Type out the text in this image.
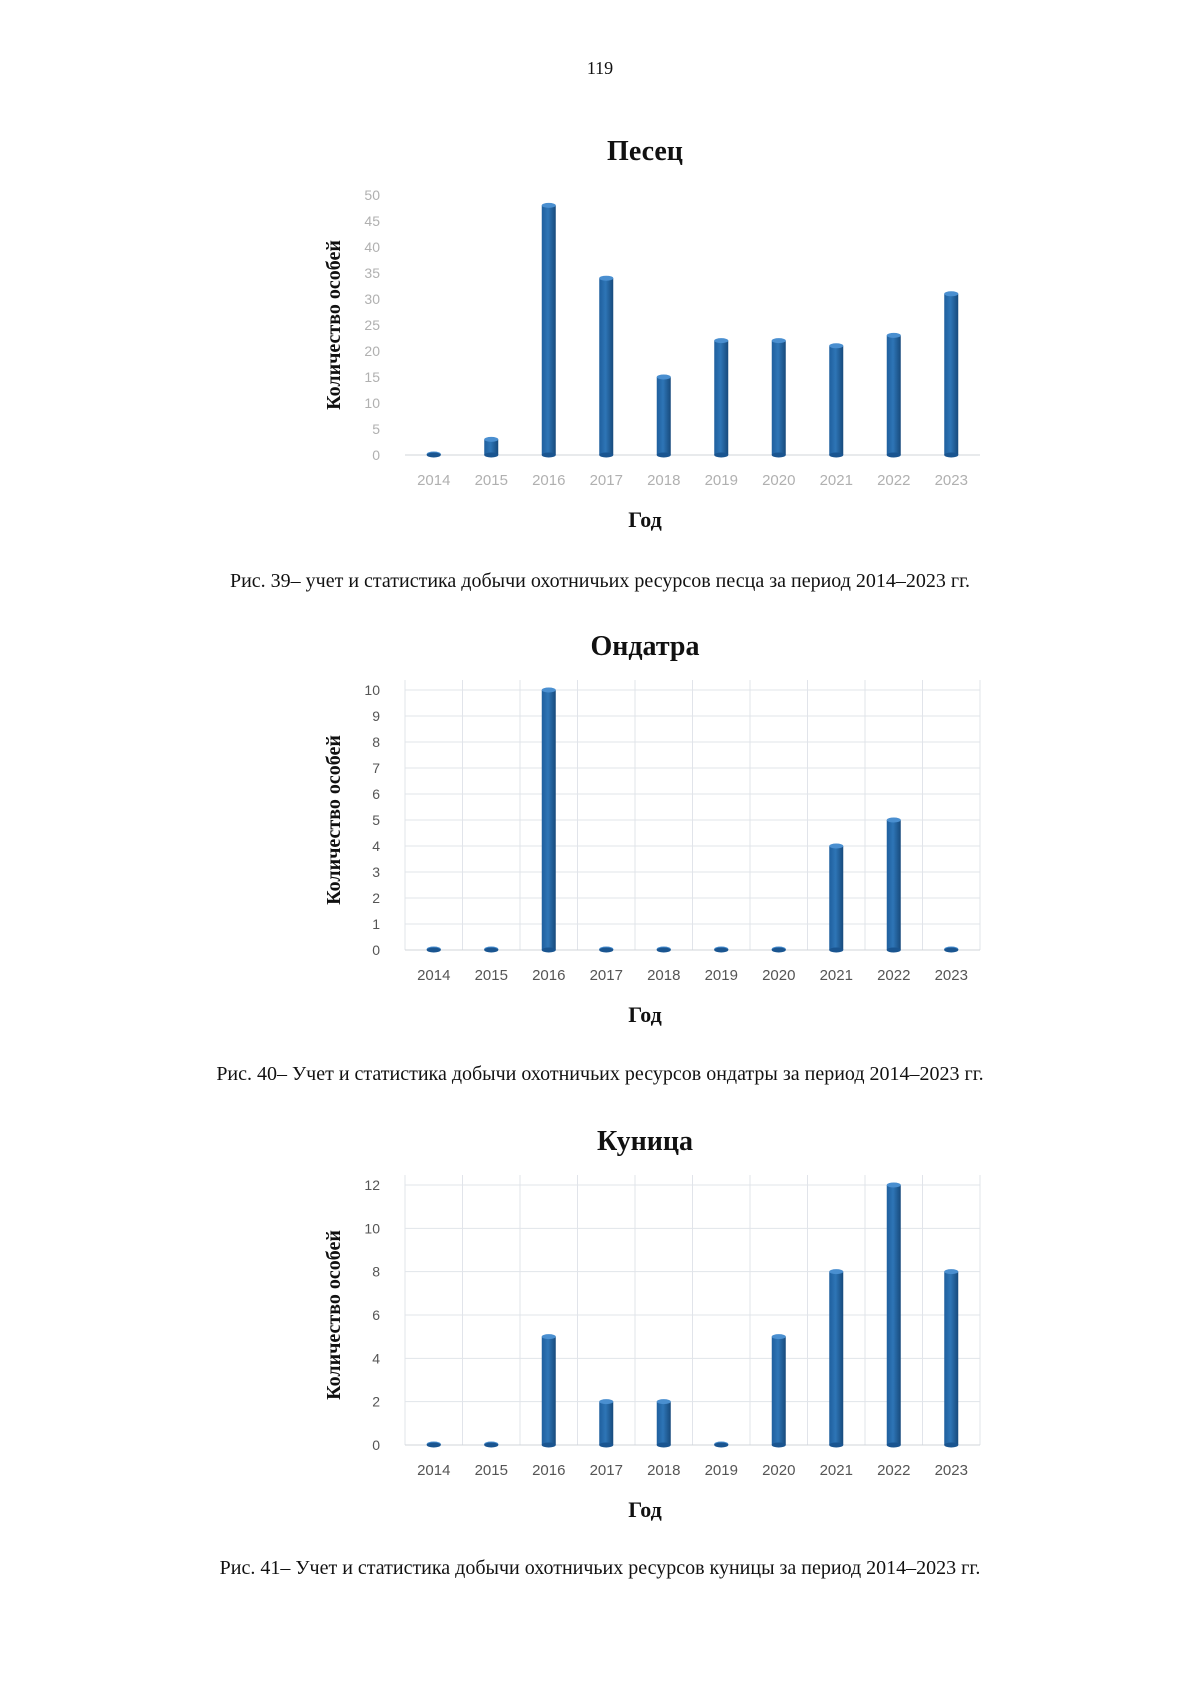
119
Песец
0
5
10
15
20
25
30
35
40
45
50
2014 2015 2016 2017 2018 2019 2020 2021 2022 2023
Год
Количество особей
Рис. 39– учет и статистика добычи охотничьих ресурсов песца за период 2014–2023 гг.
Ондатра
0
1
2
3
4
5
6
7
8
9
10
2014 2015 2016 2017 2018 2019 2020 2021 2022 2023
Год
Количество особей
Рис. 40– Учет и статистика добычи охотничьих ресурсов ондатры за период 2014–2023 гг.
Куница
0
2
4
6
8
10
12
2014 2015 2016 2017 2018 2019 2020 2021 2022 2023
Год
Количество особей
Рис. 41– Учет и статистика добычи охотничьих ресурсов куницы за период 2014–2023 гг.
